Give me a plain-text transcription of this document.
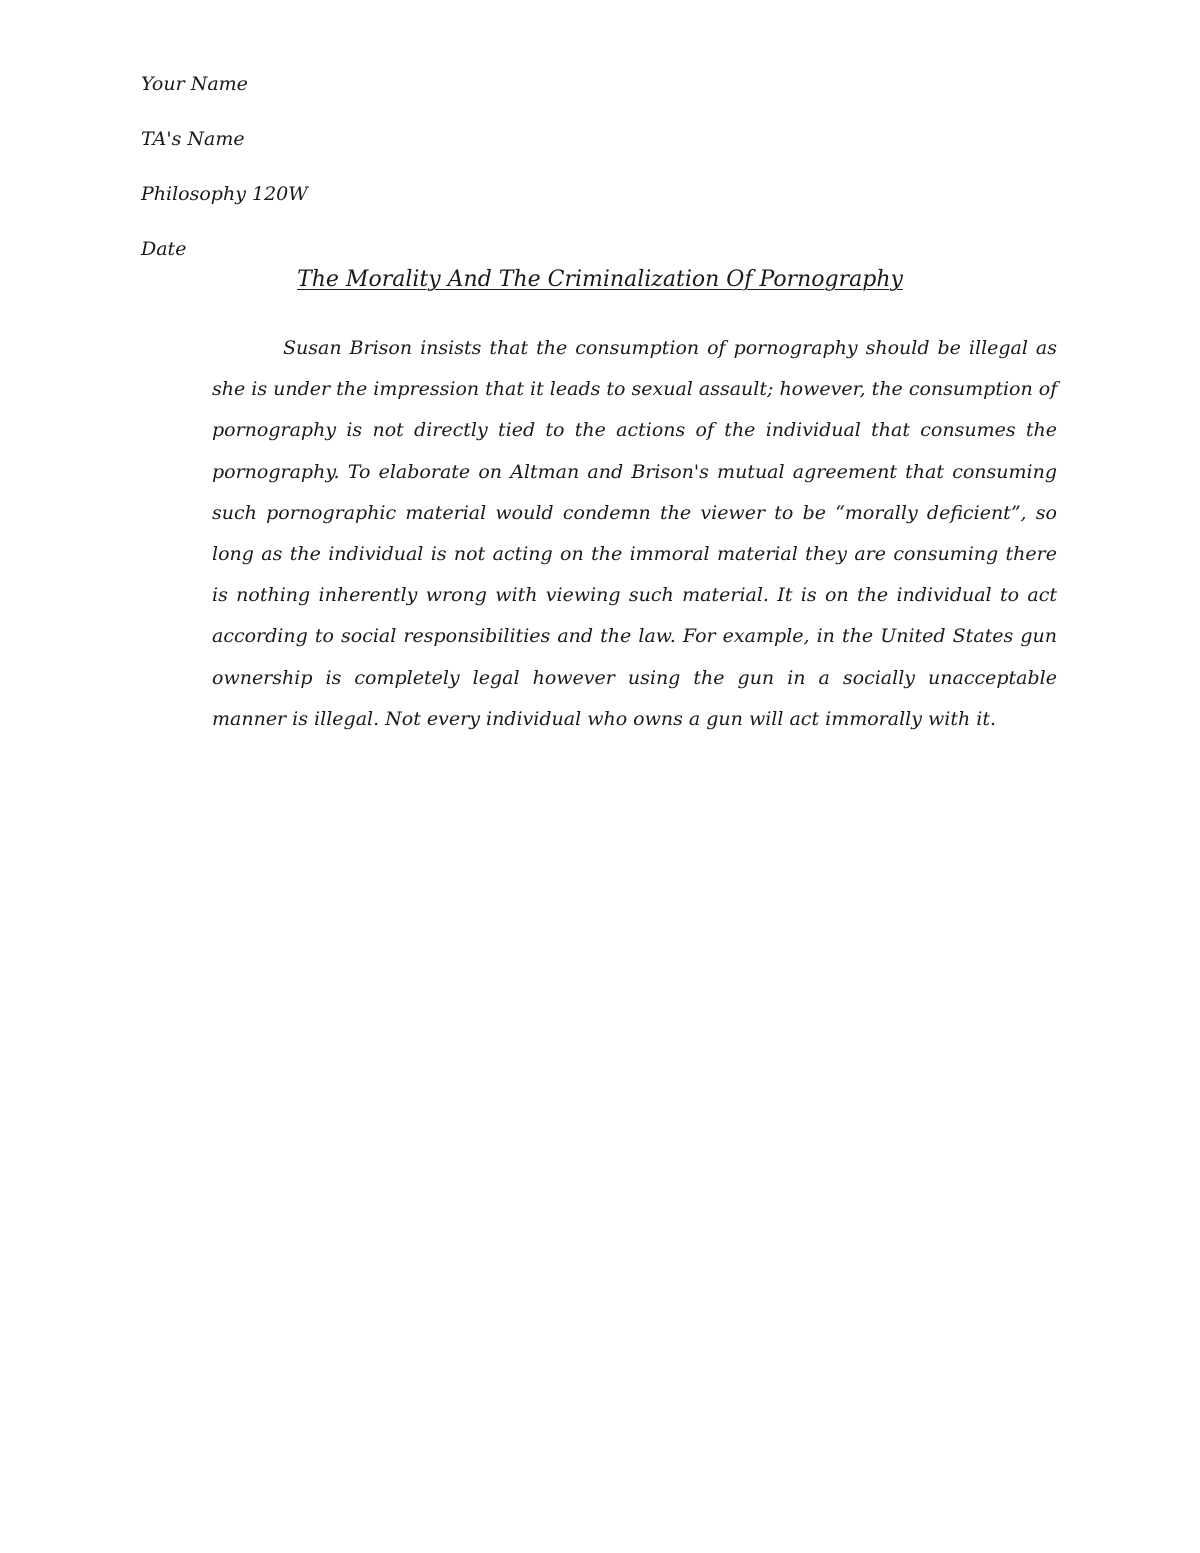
Your Name
TA's Name
Philosophy 120W
Date
The Morality And The Criminalization Of Pornography
Susan Brison insists that the consumption of pornography should be illegal as
she is under the impression that it leads to sexual assault; however, the consumption of
pornography is not directly tied to the actions of the individual that consumes the
pornography. To elaborate on Altman and Brison's mutual agreement that consuming
such pornographic material would condemn the viewer to be “morally deficient”, so
long as the individual is not acting on the immoral material they are consuming there
is nothing inherently wrong with viewing such material. It is on the individual to act
according to social responsibilities and the law. For example, in the United States gun
ownership is completely legal however using the gun in a socially unacceptable
manner is illegal. Not every individual who owns a gun will act immorally with it.
